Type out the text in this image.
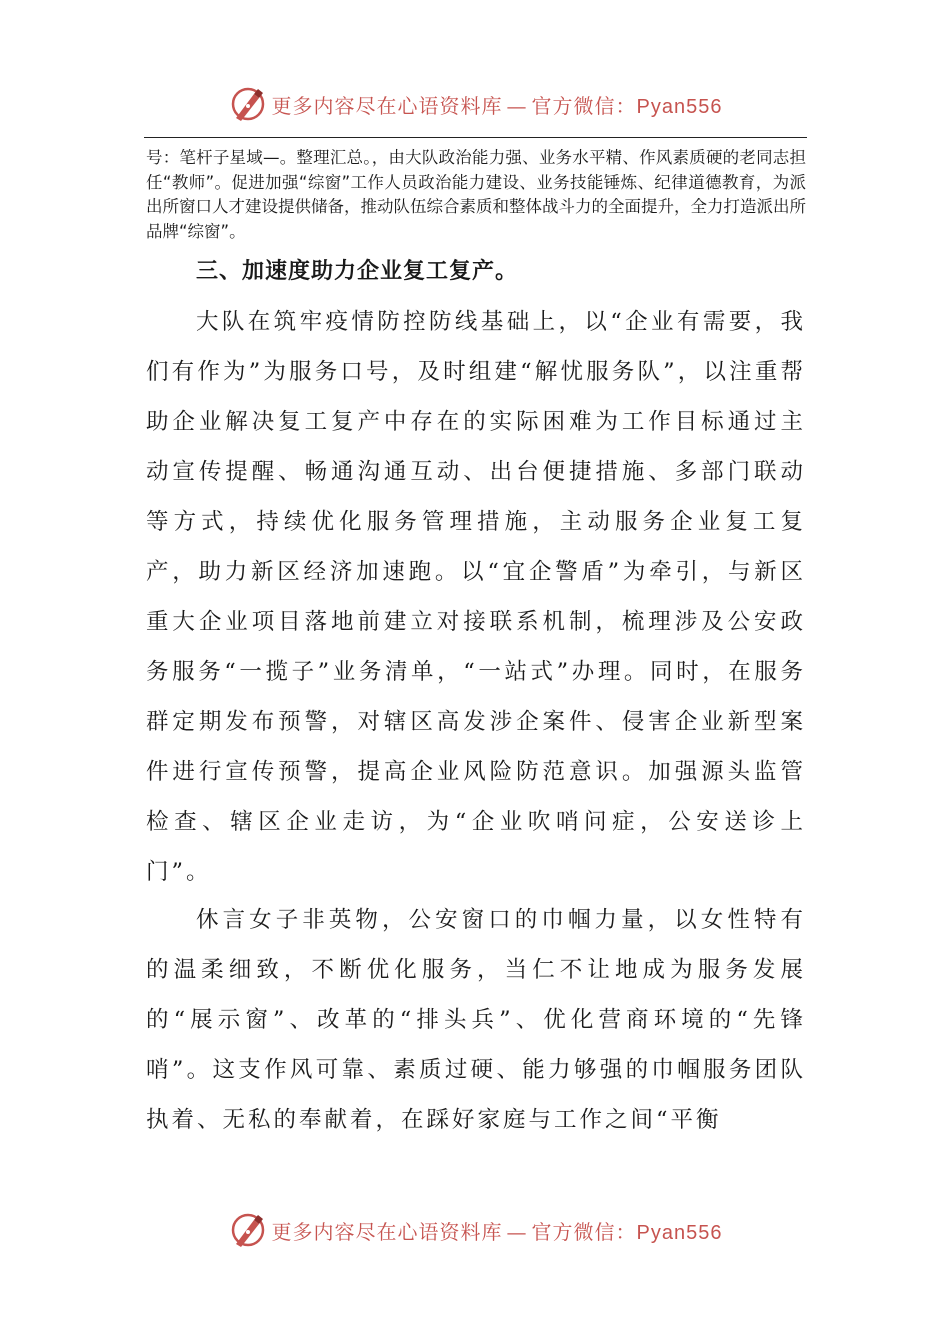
更多内容尽在心语资料库 — 官方微信：Pyan556
号：笔杆子星域—。整理汇总。，由大队政治能力强、业务水平精、作风素质硬的老同志担任“教师”。促进加强“综窗”工作人员政治能力建设、业务技能锤炼、纪律道德教育，为派出所窗口人才建设提供储备，推动队伍综合素质和整体战斗力的全面提升，全力打造派出所品牌“综窗”。
三、加速度助力企业复工复产。
大队在筑牢疫情防控防线基础上，以“企业有需要，我们有作为”为服务口号，及时组建“解忧服务队”，以注重帮助企业解决复工复产中存在的实际困难为工作目标通过主动宣传提醒、畅通沟通互动、出台便捷措施、多部门联动等方式，持续优化服务管理措施，主动服务企业复工复产，助力新区经济加速跑。以“宜企警盾”为牵引，与新区重大企业项目落地前建立对接联系机制，梳理涉及公安政务服务“一揽子”业务清单，“一站式”办理。同时，在服务群定期发布预警，对辖区高发涉企案件、侵害企业新型案件进行宣传预警，提高企业风险防范意识。加强源头监管检查、辖区企业走访，为“企业吹哨问症，公安送诊上门”。
休言女子非英物，公安窗口的巾帼力量，以女性特有的温柔细致，不断优化服务，当仁不让地成为服务发展的“展示窗”、改革的“排头兵”、优化营商环境的“先锋哨”。这支作风可靠、素质过硬、能力够强的巾帼服务团队执着、无私的奉献着，在踩好家庭与工作之间“平衡
更多内容尽在心语资料库 — 官方微信：Pyan556
